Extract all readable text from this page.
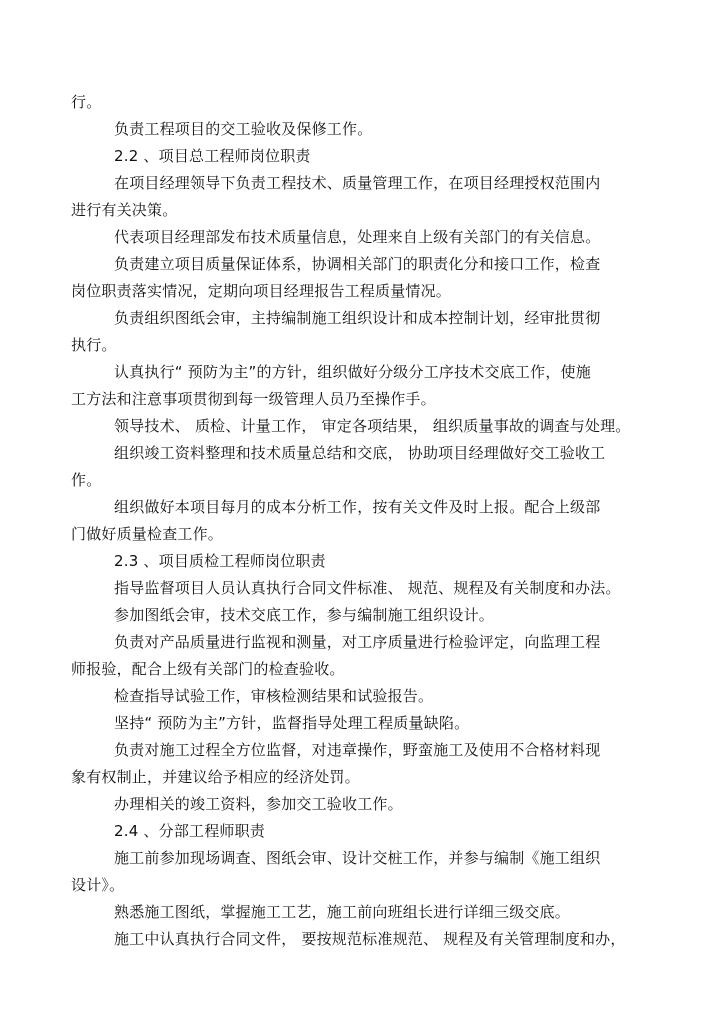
行。
负责工程项目的交工验收及保修工作。
2.2 、项目总工程师岗位职责
在项目经理领导下负责工程技术、质量管理工作，在项目经理授权范围内
进行有关决策。
代表项目经理部发布技术质量信息，处理来自上级有关部门的有关信息。
负责建立项目质量保证体系，协调相关部门的职责化分和接口工作，检查
岗位职责落实情况，定期向项目经理报告工程质量情况。
负责组织图纸会审，主持编制施工组织设计和成本控制计划，经审批贯彻
执行。
认真执行“ 预防为主”的方针，组织做好分级分工序技术交底工作，使施
工方法和注意事项贯彻到每一级管理人员乃至操作手。
领导技术、 质检、计量工作， 审定各项结果， 组织质量事故的调查与处理。
组织竣工资料整理和技术质量总结和交底， 协助项目经理做好交工验收工
作。
组织做好本项目每月的成本分析工作，按有关文件及时上报。配合上级部
门做好质量检查工作。
2.3 、项目质检工程师岗位职责
指导监督项目人员认真执行合同文件标准、 规范、规程及有关制度和办法。
参加图纸会审，技术交底工作，参与编制施工组织设计。
负责对产品质量进行监视和测量，对工序质量进行检验评定，向监理工程
师报验，配合上级有关部门的检查验收。
检查指导试验工作，审核检测结果和试验报告。
坚持“ 预防为主”方针，监督指导处理工程质量缺陷。
负责对施工过程全方位监督，对违章操作，野蛮施工及使用不合格材料现
象有权制止，并建议给予相应的经济处罚。
办理相关的竣工资料，参加交工验收工作。
2.4 、分部工程师职责
施工前参加现场调查、图纸会审、设计交桩工作，并参与编制《施工组织
设计》。
熟悉施工图纸，掌握施工工艺，施工前向班组长进行详细三级交底。
施工中认真执行合同文件， 要按规范标准规范、 规程及有关管理制度和办，
